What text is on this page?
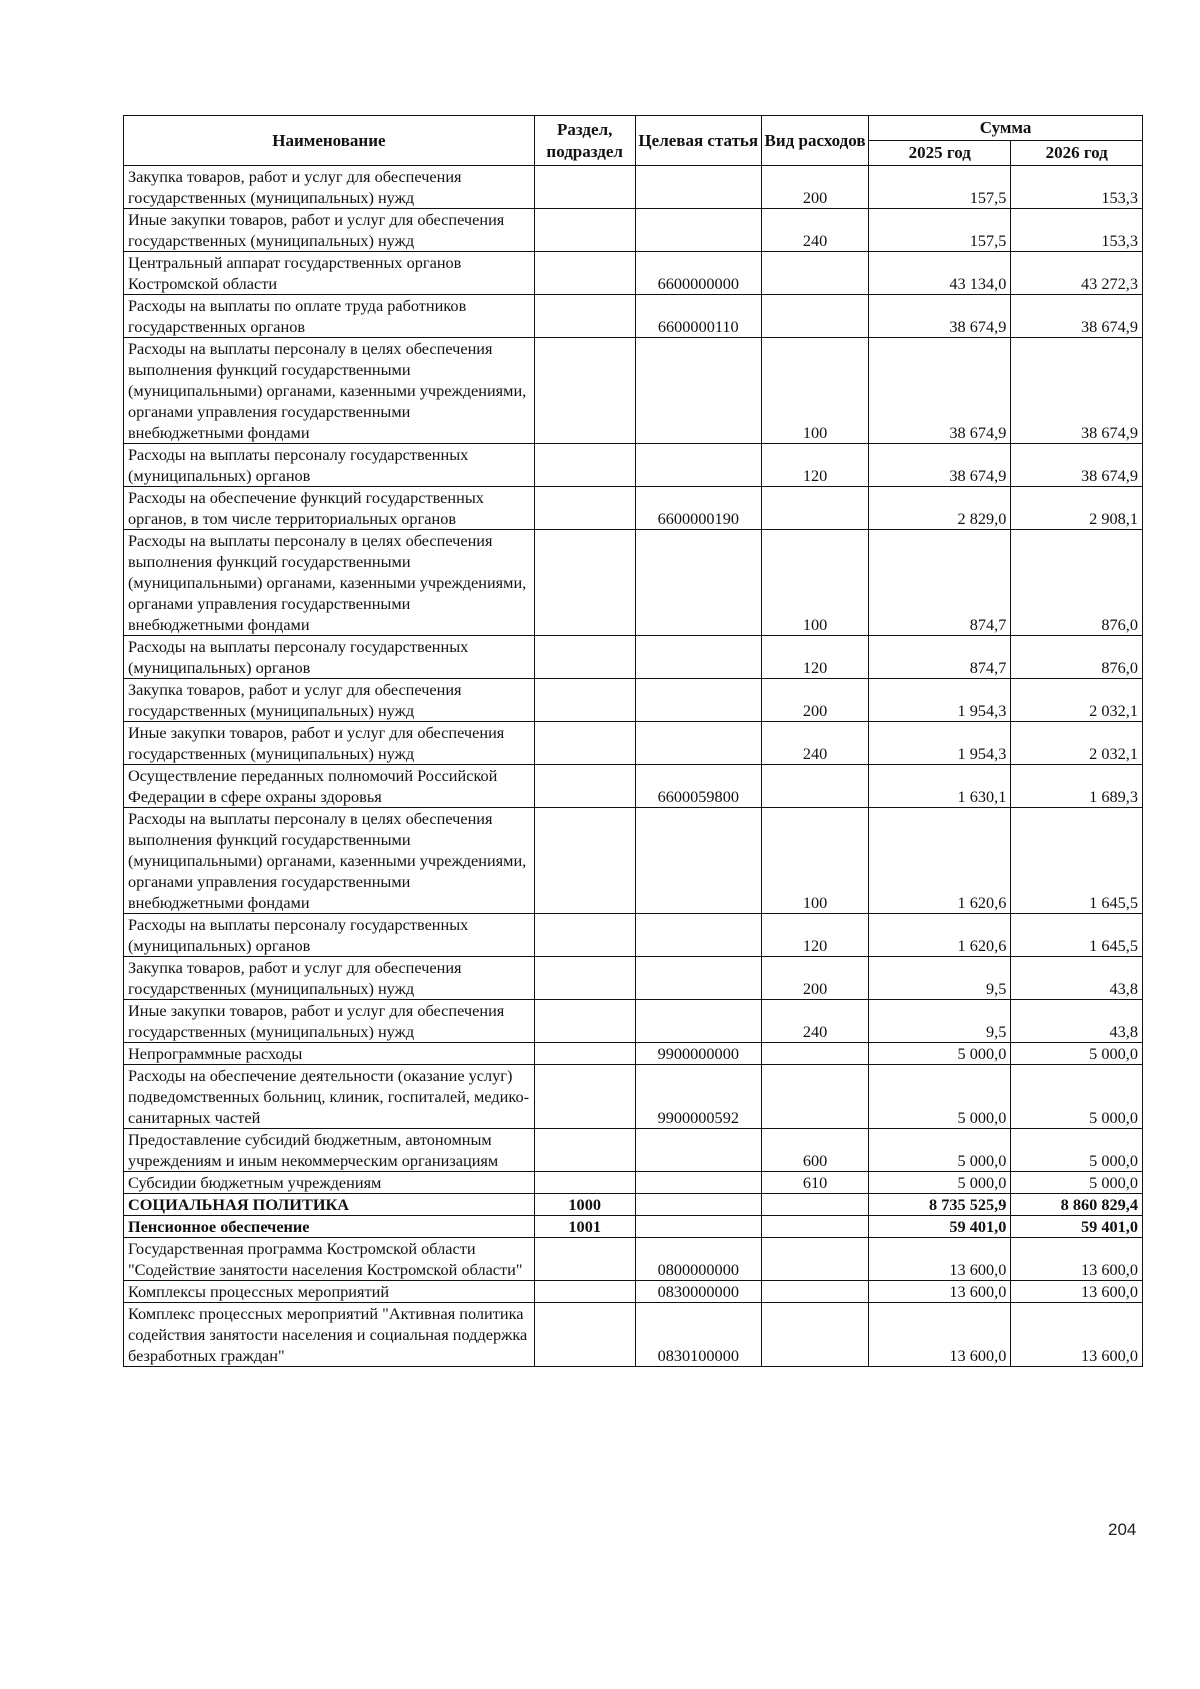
Наименование	Раздел, подраздел	Целевая статья	Вид расходов	Сумма	
				2025 год	2026 год
Закупка товаров, работ и услуг для обеспечения государственных (муниципальных) нужд			200	157,5	153,3
Иные закупки товаров, работ и услуг для обеспечения государственных (муниципальных) нужд			240	157,5	153,3
Центральный аппарат государственных органов Костромской области		6600000000		43 134,0	43 272,3
Расходы на выплаты по оплате труда работников государственных органов		6600000110		38 674,9	38 674,9
Расходы на выплаты персоналу в целях обеспечения выполнения функций государственными (муниципальными) органами, казенными учреждениями, органами управления государственными внебюджетными фондами			100	38 674,9	38 674,9
Расходы на выплаты персоналу государственных (муниципальных) органов			120	38 674,9	38 674,9
Расходы на обеспечение функций государственных органов, в том числе территориальных органов		6600000190		2 829,0	2 908,1
Расходы на выплаты персоналу в целях обеспечения выполнения функций государственными (муниципальными) органами, казенными учреждениями, органами управления государственными внебюджетными фондами			100	874,7	876,0
Расходы на выплаты персоналу государственных (муниципальных) органов			120	874,7	876,0
Закупка товаров, работ и услуг для обеспечения государственных (муниципальных) нужд			200	1 954,3	2 032,1
Иные закупки товаров, работ и услуг для обеспечения государственных (муниципальных) нужд			240	1 954,3	2 032,1
Осуществление переданных полномочий Российской Федерации в сфере охраны здоровья		6600059800		1 630,1	1 689,3
Расходы на выплаты персоналу в целях обеспечения выполнения функций государственными (муниципальными) органами, казенными учреждениями, органами управления государственными внебюджетными фондами			100	1 620,6	1 645,5
Расходы на выплаты персоналу государственных (муниципальных) органов			120	1 620,6	1 645,5
Закупка товаров, работ и услуг для обеспечения государственных (муниципальных) нужд			200	9,5	43,8
Иные закупки товаров, работ и услуг для обеспечения государственных (муниципальных) нужд			240	9,5	43,8
Непрограммные расходы		9900000000		5 000,0	5 000,0
Расходы на обеспечение деятельности (оказание услуг) подведомственных больниц, клиник, госпиталей, медико-санитарных частей		9900000592		5 000,0	5 000,0
Предоставление субсидий бюджетным, автономным учреждениям и иным некоммерческим организациям			600	5 000,0	5 000,0
Субсидии бюджетным учреждениям			610	5 000,0	5 000,0
СОЦИАЛЬНАЯ ПОЛИТИКА	1000			8 735 525,9	8 860 829,4
Пенсионное обеспечение	1001			59 401,0	59 401,0
Государственная программа Костромской области "Содействие занятости населения Костромской области"		0800000000		13 600,0	13 600,0
Комплексы процессных мероприятий		0830000000		13 600,0	13 600,0
Комплекс процессных мероприятий "Активная политика содействия занятости населения и социальная поддержка безработных граждан"		0830100000		13 600,0	13 600,0
204
